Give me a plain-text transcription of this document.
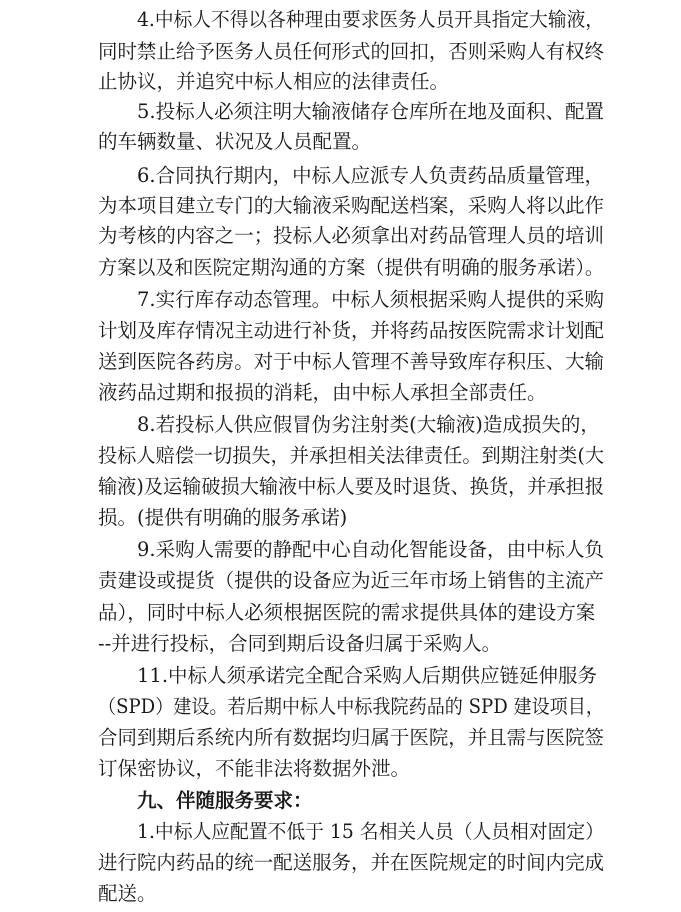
4.中标人不得以各种理由要求医务人员开具指定大输液，
同时禁止给予医务人员任何形式的回扣，否则采购人有权终
止协议，并追究中标人相应的法律责任。
5.投标人必须注明大输液储存仓库所在地及面积、配置
的车辆数量、状况及人员配置。
6.合同执行期内，中标人应派专人负责药品质量管理，
为本项目建立专门的大输液采购配送档案，采购人将以此作
为考核的内容之一；投标人必须拿出对药品管理人员的培训
方案以及和医院定期沟通的方案（提供有明确的服务承诺）。
7.实行库存动态管理。中标人须根据采购人提供的采购
计划及库存情况主动进行补货，并将药品按医院需求计划配
送到医院各药房。对于中标人管理不善导致库存积压、大输
液药品过期和报损的消耗，由中标人承担全部责任。
8.若投标人供应假冒伪劣注射类(大输液)造成损失的，
投标人赔偿一切损失，并承担相关法律责任。到期注射类(大
输液)及运输破损大输液中标人要及时退货、换货，并承担报
损。(提供有明确的服务承诺)
9.采购人需要的静配中心自动化智能设备，由中标人负
责建设或提货（提供的设备应为近三年市场上销售的主流产
品），同时中标人必须根据医院的需求提供具体的建设方案
--并进行投标，合同到期后设备归属于采购人。
11.中标人须承诺完全配合采购人后期供应链延伸服务
（SPD）建设。若后期中标人中标我院药品的 SPD 建设项目，
合同到期后系统内所有数据均归属于医院，并且需与医院签
订保密协议，不能非法将数据外泄。
九、伴随服务要求：
1.中标人应配置不低于 15 名相关人员（人员相对固定）
进行院内药品的统一配送服务，并在医院规定的时间内完成
配送。
